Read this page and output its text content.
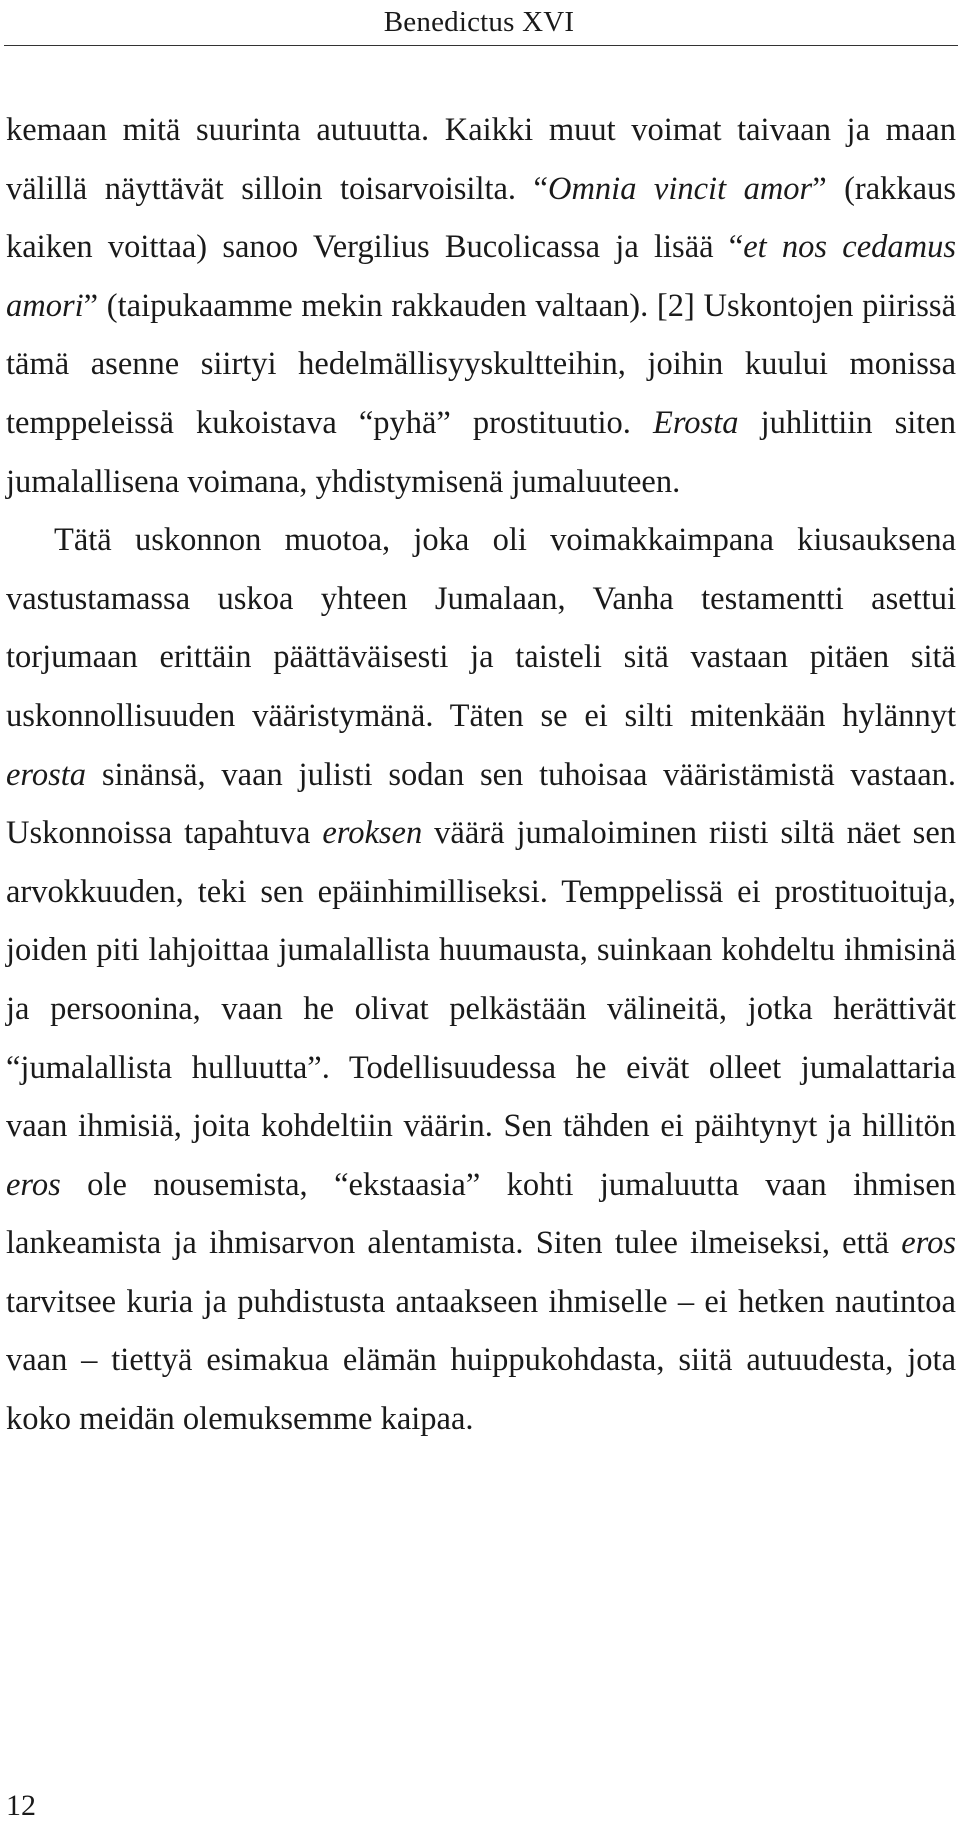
Benedictus XVI

kemaan mitä suurinta autuutta. Kaikki muut voimat taivaan ja maan välillä näyttävät silloin toisarvoisilta. “Omnia vincit amor” (rakkaus kaiken voittaa) sanoo Vergilius Bucolicassa ja lisää “et nos cedamus amori” (taipukaamme mekin rakkauden valtaan). [2] Uskontojen piirissä tämä asenne siirtyi hedelmällisyyskultteihin, joihin kuului monissa temppeleissä kukoistava “pyhä” prostituutio. Erosta juhlittiin siten jumalallisena voimana, yhdistymisenä jumaluuteen.

Tätä uskonnon muotoa, joka oli voimakkaimpana kiusauksena vastustamassa uskoa yhteen Jumalaan, Vanha testamentti asettui torjumaan erittäin päättäväisesti ja taisteli sitä vastaan pitäen sitä uskonnollisuuden vääristymänä. Täten se ei silti mitenkään hylännyt erosta sinänsä, vaan julisti sodan sen tuhoisaa vääristämistä vastaan. Uskonnoissa tapahtuva eroksen väärä jumaloiminen riisti siltä näet sen arvokkuuden, teki sen epäinhimilliseksi. Temppelissä ei prostituoituja, joiden piti lahjoittaa jumalallista huumausta, suinkaan kohdeltu ihmisinä ja persoonina, vaan he olivat pelkästään välineitä, jotka herättivät “jumalallista hulluutta”. Todellisuudessa he eivät olleet jumalattaria vaan ihmisiä, joita kohdeltiin väärin. Sen tähden ei päihtynyt ja hillitön eros ole nousemista, “ekstaasia” kohti jumaluutta vaan ihmisen lankeamista ja ihmisarvon alentamista. Siten tulee ilmeiseksi, että eros tarvitsee kuria ja puhdistusta antaakseen ihmiselle – ei hetken nautintoa vaan – tiettyä esimakua elämän huippukohdasta, siitä autuudesta, jota koko meidän olemuksemme kaipaa.

12
